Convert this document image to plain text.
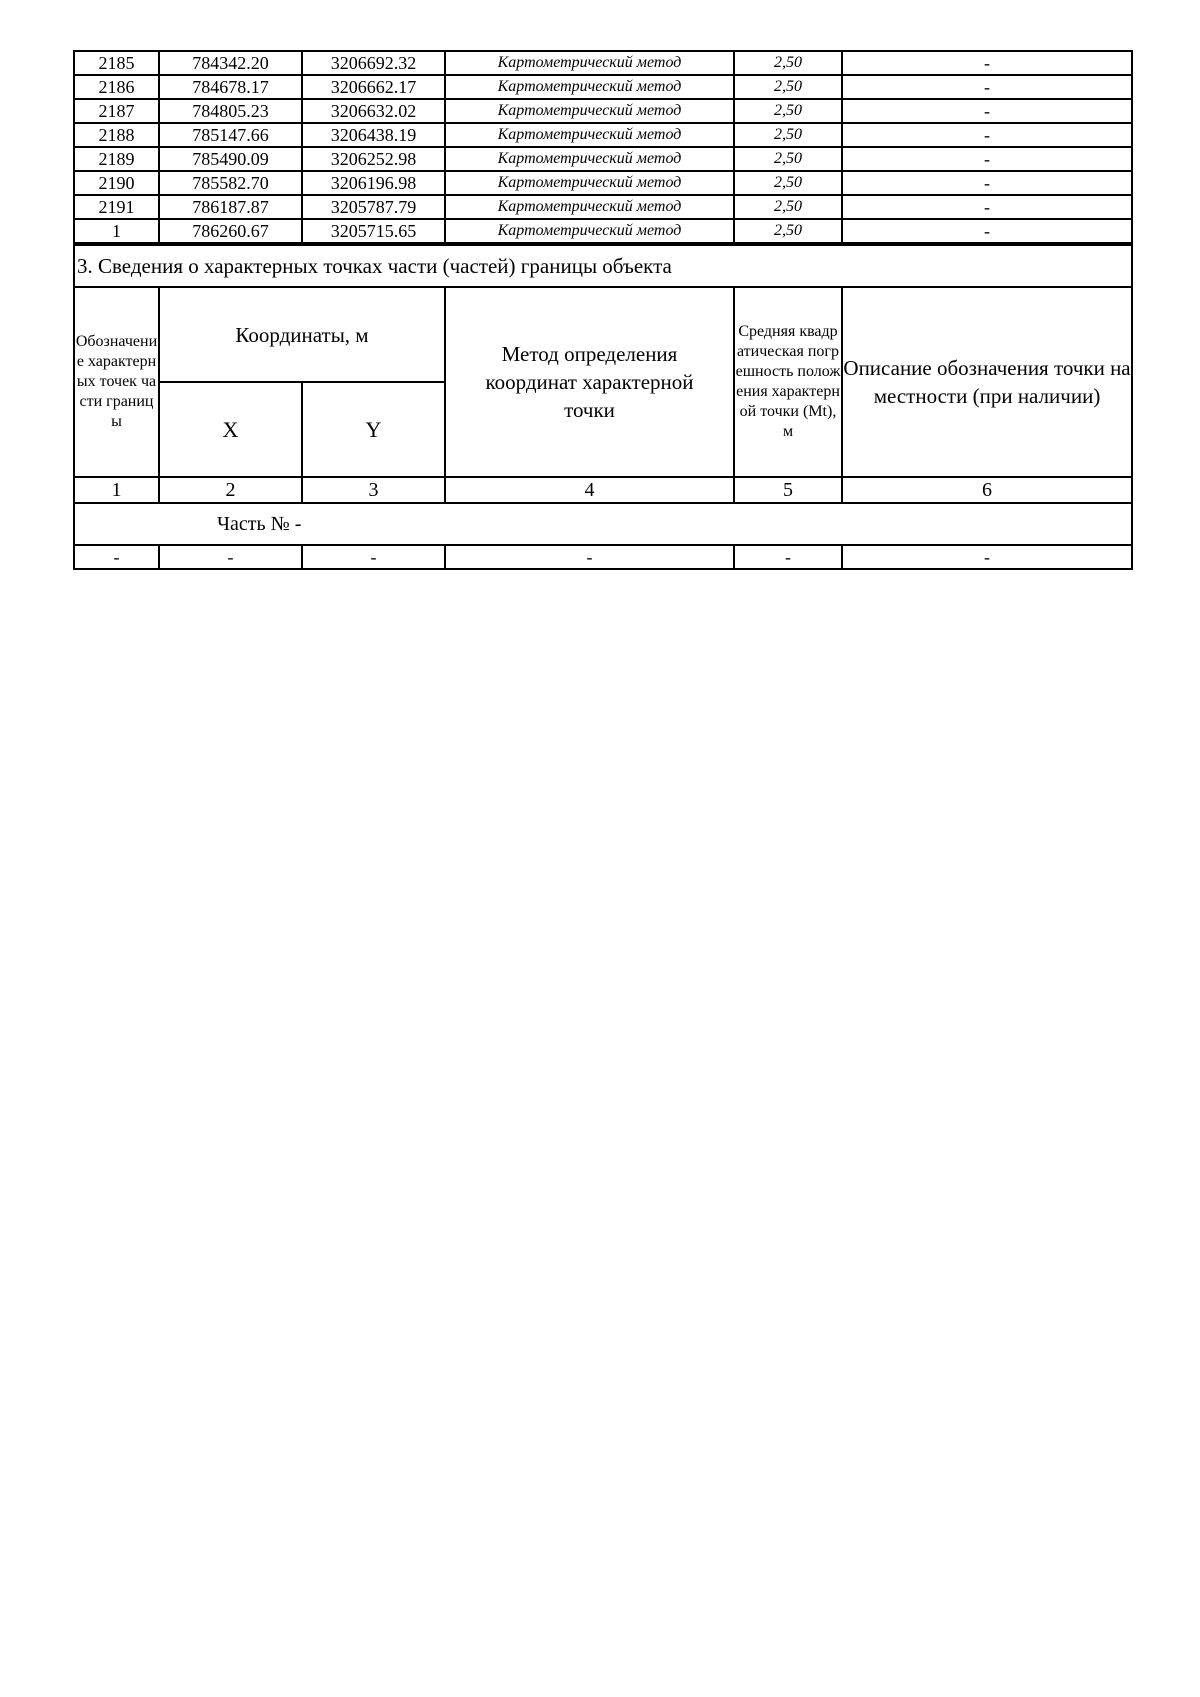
2185	784342.20	3206692.32	Картометрический метод	2,50	-
2186	784678.17	3206662.17	Картометрический метод	2,50	-
2187	784805.23	3206632.02	Картометрический метод	2,50	-
2188	785147.66	3206438.19	Картометрический метод	2,50	-
2189	785490.09	3206252.98	Картометрический метод	2,50	-
2190	785582.70	3206196.98	Картометрический метод	2,50	-
2191	786187.87	3205787.79	Картометрический метод	2,50	-
1	786260.67	3205715.65	Картометрический метод	2,50	-
3. Сведения о характерных точках части (частей) границы объекта					
Обозначение характерных точек части границы	Координаты, м		Метод определения координат характерной точки	Средняя квадратическая погрешность положения характерной точки (Mt), м	Описание обозначения точки на местности (при наличии)
	X	Y			
1	2	3	4	5	6
Часть № -					
-	-	-	-	-	-
